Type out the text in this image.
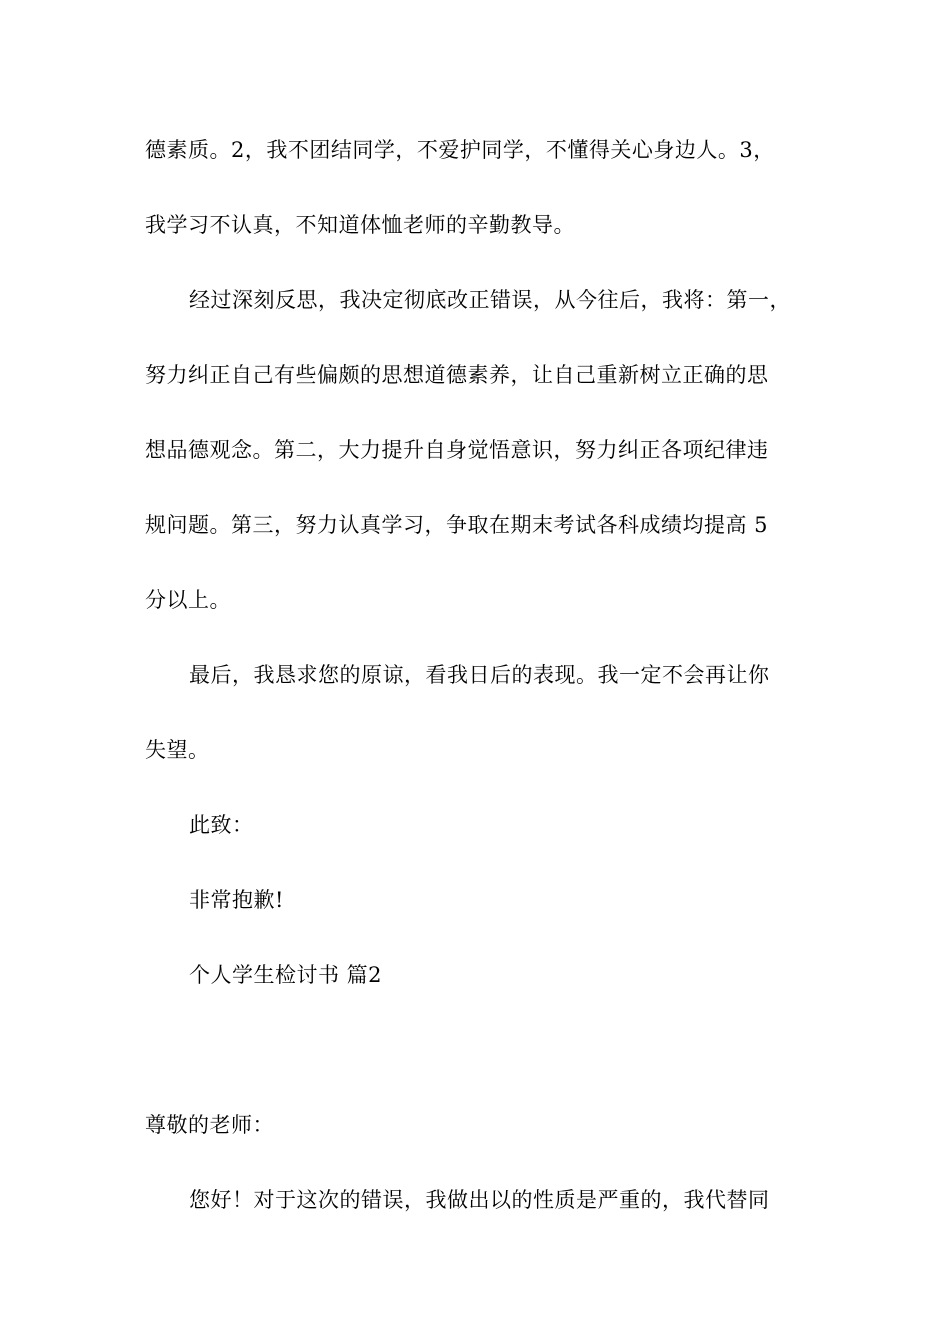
德素质。2，我不团结同学，不爱护同学，不懂得关心身边人。3，
我学习不认真，不知道体恤老师的辛勤教导。
经过深刻反思，我决定彻底改正错误，从今往后，我将：第一，
努力纠正自己有些偏颇的思想道德素养，让自己重新树立正确的思
想品德观念。第二，大力提升自身觉悟意识，努力纠正各项纪律违
规问题。第三，努力认真学习，争取在期末考试各科成绩均提高 5
分以上。
最后，我恳求您的原谅，看我日后的表现。我一定不会再让你
失望。
此致：
非常抱歉!
个人学生检讨书 篇2
尊敬的老师：
您好！对于这次的错误，我做出以的性质是严重的，我代替同
